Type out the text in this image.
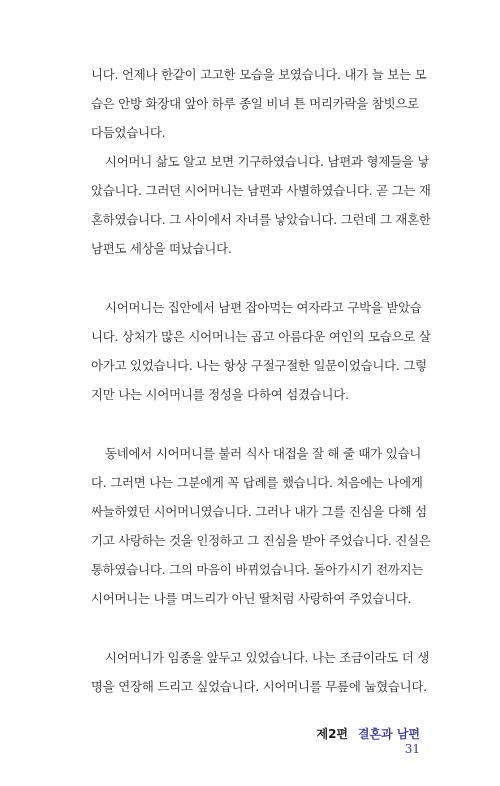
니다. 언제나 한같이 고고한 모습을 보였습니다. 내가 늘 보는 모
습은 안방 화장대 앞아 하루 종일 비녀 튼 머리카락을 참빗으로
다듬었습니다.
시어머니 삶도 알고 보면 기구하였습니다. 남편과 형제들을 낳
았습니다. 그러던 시어머니는 남편과 사별하였습니다. 곧 그는 재
혼하였습니다. 그 사이에서 자녀를 낳았습니다. 그런데 그 재혼한
남편도 세상을 떠났습니다.
시어머니는 집안에서 남편 잡아먹는 여자라고 구박을 받았습
니다. 상처가 많은 시어머니는 곱고 아름다운 여인의 모습으로 살
아가고 있었습니다. 나는 항상 구절구절한 일문이었습니다. 그렇
지만 나는 시어머니를 정성을 다하여 섬겼습니다.
동네에서 시어머니를 불러 식사 대접을 잘 해 줄 때가 있습니
다. 그러면 나는 그분에게 꼭 답례를 했습니다. 처음에는 나에게
싸늘하였던 시어머니였습니다. 그러나 내가 그를 진심을 다해 섬
기고 사랑하는 것을 인정하고 그 진심을 받아 주었습니다. 진실은
통하였습니다. 그의 마음이 바뀌었습니다. 돌아가시기 전까지는
시어머니는 나를 며느리가 아닌 딸처럼 사랑하여 주었습니다.
시어머니가 임종을 앞두고 있었습니다. 나는 조금이라도 더 생
명을 연장해 드리고 싶었습니다. 시어머니를 무릎에 눕혔습니다.
제2편 결혼과 남편 31
